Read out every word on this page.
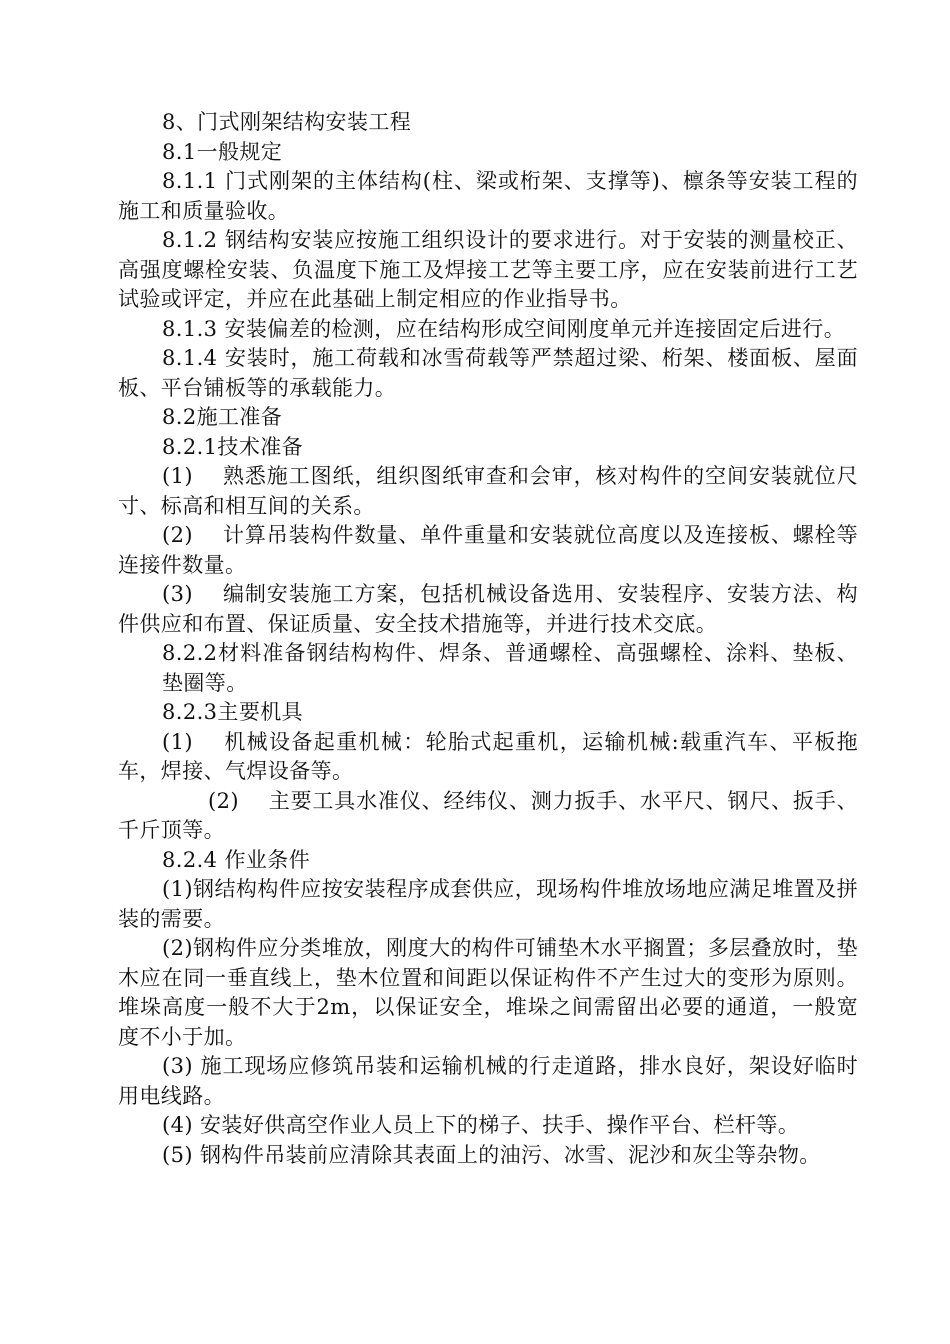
8、门式刚架结构安装工程

8.1一般规定

8.1.1 门式刚架的主体结构(柱、梁或桁架、支撑等)、檩条等安装工程的施工和质量验收。

8.1.2 钢结构安装应按施工组织设计的要求进行。对于安装的测量校正、高强度螺栓安装、负温度下施工及焊接工艺等主要工序，应在安装前进行工艺试验或评定，并应在此基础上制定相应的作业指导书。

8.1.3 安装偏差的检测，应在结构形成空间刚度单元并连接固定后进行。

8.1.4 安装时，施工荷载和冰雪荷载等严禁超过梁、桁架、楼面板、屋面板、平台铺板等的承载能力。

8.2施工准备

8.2.1技术准备

(1)　 熟悉施工图纸，组织图纸审查和会审，核对构件的空间安装就位尺寸、标高和相互间的关系。

(2)　 计算吊装构件数量、单件重量和安装就位高度以及连接板、螺栓等连接件数量。

(3)　 编制安装施工方案，包括机械设备选用、安装程序、安装方法、构件供应和布置、保证质量、安全技术措施等，并进行技术交底。

8.2.2材料准备钢结构构件、焊条、普通螺栓、高强螺栓、涂料、垫板、垫圈等。

8.2.3主要机具

(1)　 机械设备起重机械：轮胎式起重机，运输机械:载重汽车、平板拖车，焊接、气焊设备等。

(2)　 主要工具水准仪、经纬仪、测力扳手、水平尺、钢尺、扳手、千斤顶等。

8.2.4 作业条件

(1)钢结构构件应按安装程序成套供应，现场构件堆放场地应满足堆置及拼装的需要。

(2)钢构件应分类堆放，刚度大的构件可铺垫木水平搁置；多层叠放时，垫木应在同一垂直线上，垫木位置和间距以保证构件不产生过大的变形为原则。堆垛高度一般不大于2m，以保证安全，堆垛之间需留出必要的通道，一般宽度不小于加。

(3) 施工现场应修筑吊装和运输机械的行走道路，排水良好，架设好临时用电线路。

(4) 安装好供高空作业人员上下的梯子、扶手、操作平台、栏杆等。

(5) 钢构件吊装前应清除其表面上的油污、冰雪、泥沙和灰尘等杂物。
